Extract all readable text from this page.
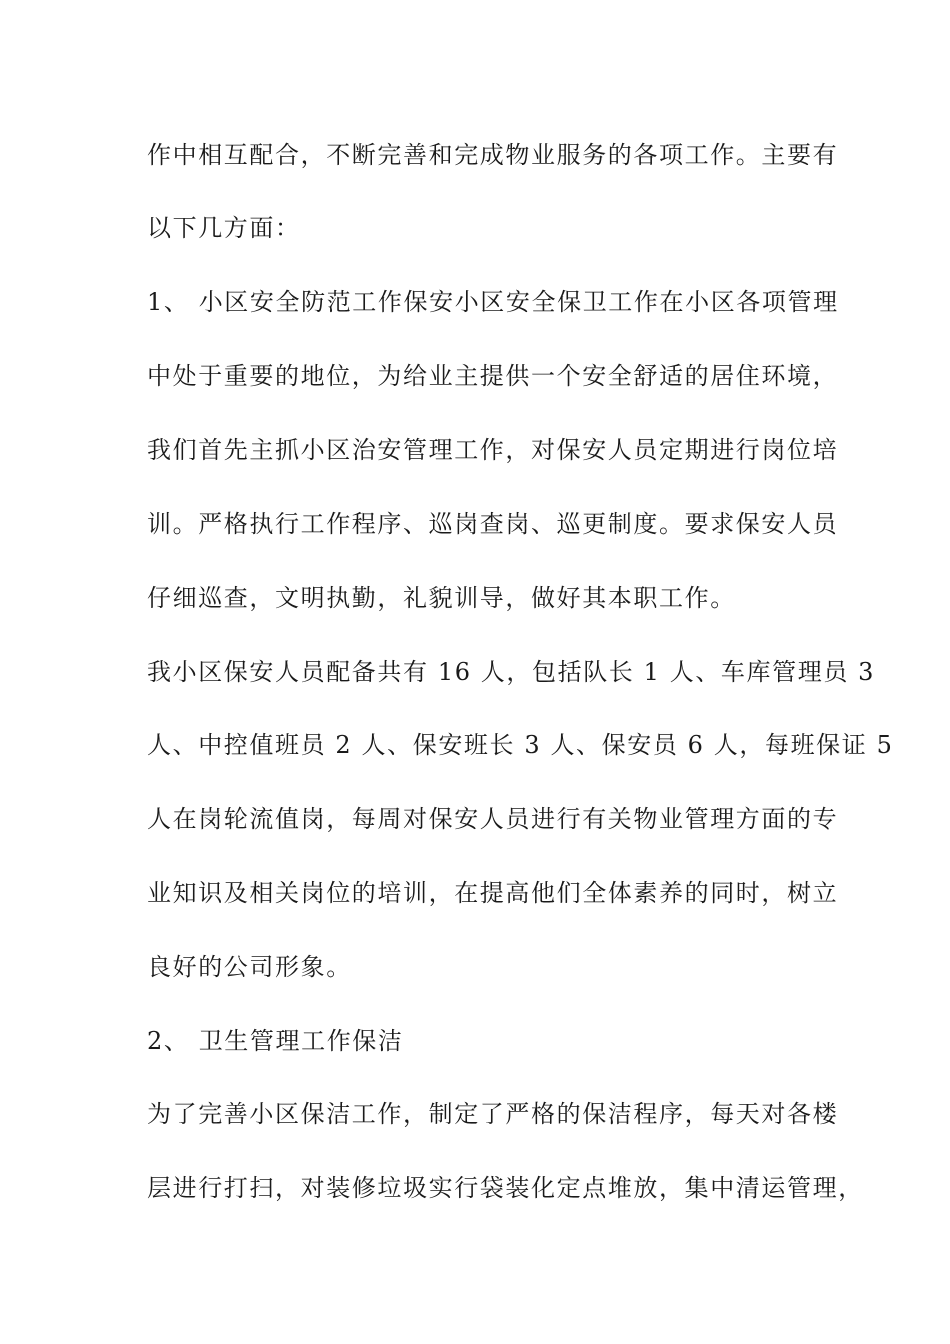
作中相互配合，不断完善和完成物业服务的各项工作。主要有
以下几方面：
1、 小区安全防范工作保安小区安全保卫工作在小区各项管理
中处于重要的地位，为给业主提供一个安全舒适的居住环境，
我们首先主抓小区治安管理工作，对保安人员定期进行岗位培
训。严格执行工作程序、巡岗查岗、巡更制度。要求保安人员
仔细巡查，文明执勤，礼貌训导，做好其本职工作。
我小区保安人员配备共有 16 人，包括队长 1 人、车库管理员 3
人、中控值班员 2 人、保安班长 3 人、保安员 6 人，每班保证 5
人在岗轮流值岗，每周对保安人员进行有关物业管理方面的专
业知识及相关岗位的培训，在提高他们全体素养的同时，树立
良好的公司形象。
2、 卫生管理工作保洁
为了完善小区保洁工作，制定了严格的保洁程序，每天对各楼
层进行打扫，对装修垃圾实行袋装化定点堆放，集中清运管理，
